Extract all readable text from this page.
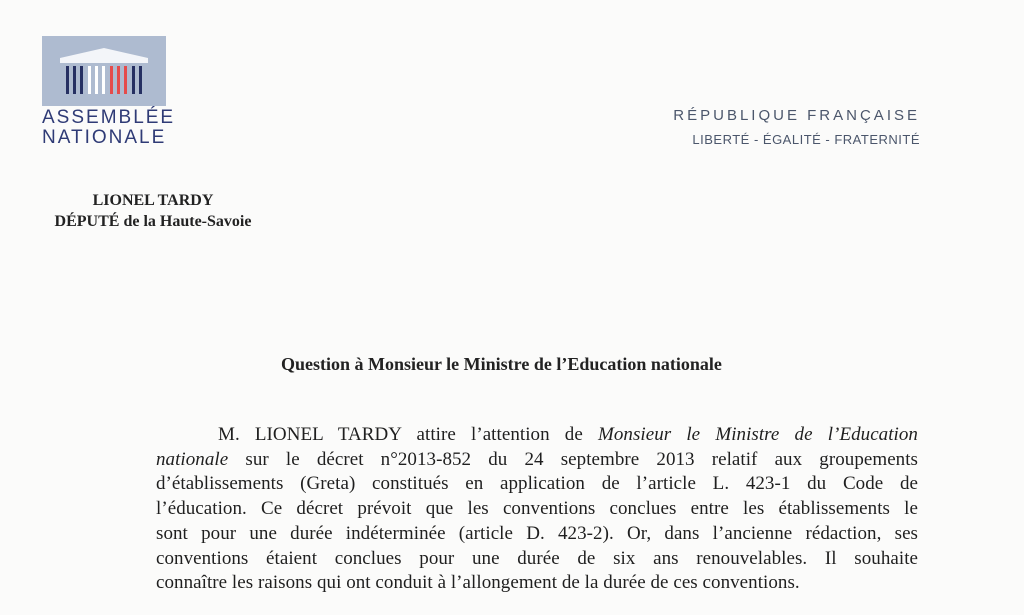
ASSEMBLÉE
NATIONALE
RÉPUBLIQUE FRANÇAISE
LIBERTÉ - ÉGALITÉ - FRATERNITÉ
LIONEL TARDY
DÉPUTÉ de la Haute-Savoie
Question à Monsieur le Ministre de l’Education nationale
M. LIONEL TARDY attire l’attention de Monsieur le Ministre de l’Education
nationale sur le décret n°2013-852 du 24 septembre 2013 relatif aux groupements
d’établissements (Greta) constitués en application de l’article L. 423-1 du Code de
l’éducation. Ce décret prévoit que les conventions conclues entre les établissements le
sont pour une durée indéterminée (article D. 423-2). Or, dans l’ancienne rédaction, ses
conventions étaient conclues pour une durée de six ans renouvelables. Il souhaite
connaître les raisons qui ont conduit à l’allongement de la durée de ces conventions.
